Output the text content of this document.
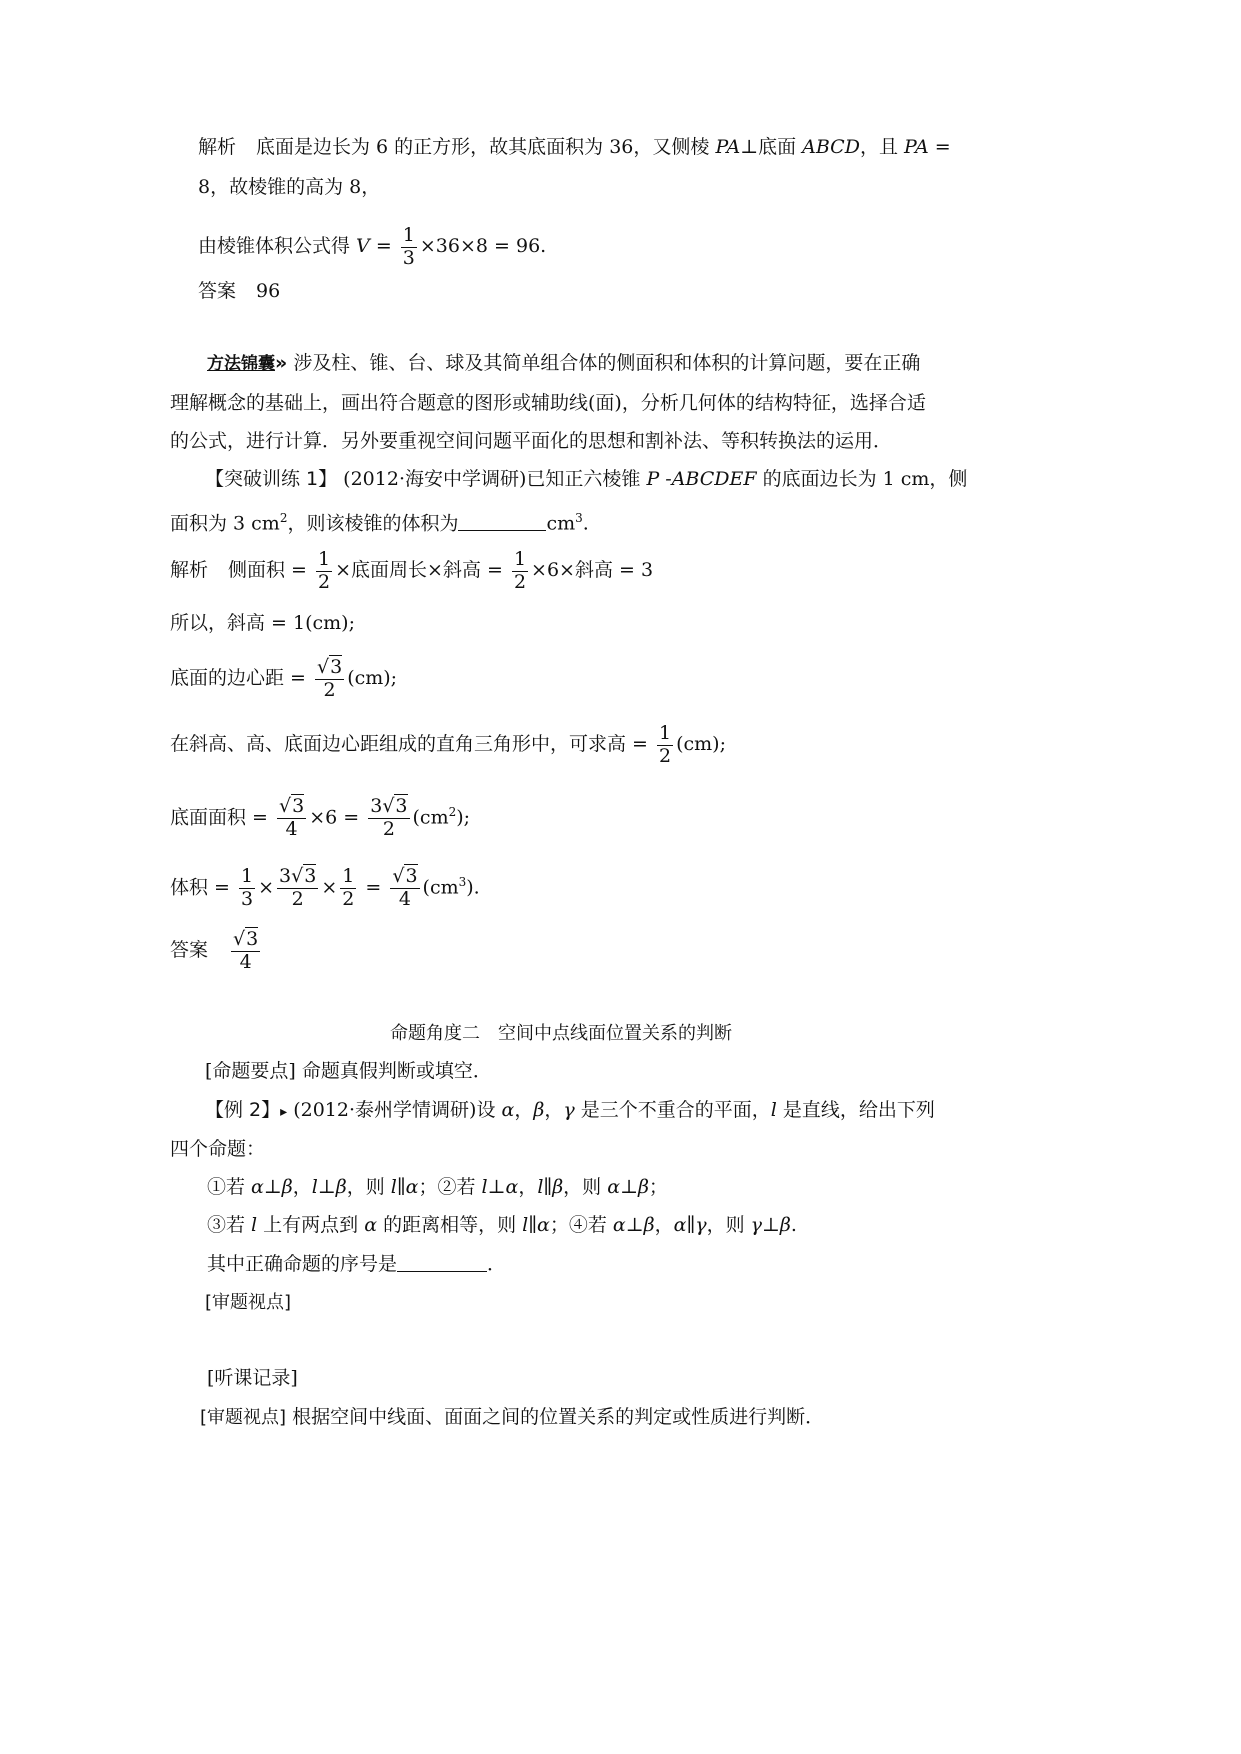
解析 底面是边长为 6 的正方形，故其底面积为 36，又侧棱 PA⊥底面 ABCD，且 PA =
8，故棱锥的高为 8，
由棱锥体积公式得 $V = \frac{1}{3} \times 36\times 8 = 96$.
答案 96
方法锦囊» 涉及柱、锥、台、球及其简单组合体的侧面积和体积的计算问题，要在正确
理解概念的基础上，画出符合题意的图形或辅助线(面)，分析几何体的结构特征，选择合适
的公式，进行计算．另外要重视空间问题平面化的思想和割补法、等积转换法的运用．
【突破训练 1】 (2012·海安中学调研)已知正六棱锥 P -ABCDEF 的底面边长为 1 cm，侧
面积为 3 $cm^2$，则该棱锥的体积为	$cm^3$.
解析 侧面积 = $\frac{1}{2}$ ×底面周长×斜高 = $\frac{1}{2} \times 6\times$斜高 = 3
所以，斜高 = 1(cm);
底面的边心距 = $\frac{√3}{2} (cm)$;
在斜高、高、底面边心距组成的直角三角形中，可求高 = $\frac{1}{2} (cm)$;
底面面积 = $\frac{√3}{4} \times 6 = \frac{3√3}{2} (cm^2)$;
体积 = $\frac{1}{3} \times \frac{3√3}{2} \times \frac{1}{2} = \frac{√3}{4} (cm^3)$.
答案 $\frac{√3}{4}$
命题角度二　空间中点线面位置关系的判断
[命题要点] 命题真假判断或填空．
【例 2】▸ (2012·泰州学情调研)设 α，β，γ 是三个不重合的平面，l 是直线，给出下列
四个命题：
①若 α⊥β，l⊥β，则 l∥α；②若 l⊥α，l∥β，则 α⊥β；
③若 l 上有两点到 α 的距离相等，则 l∥α；④若 α⊥β，α∥γ，则 γ⊥β.
其中正确命题的序号是	．
[审题视点]
[听课记录]
[审题视点] 根据空间中线面、面面之间的位置关系的判定或性质进行判断．
